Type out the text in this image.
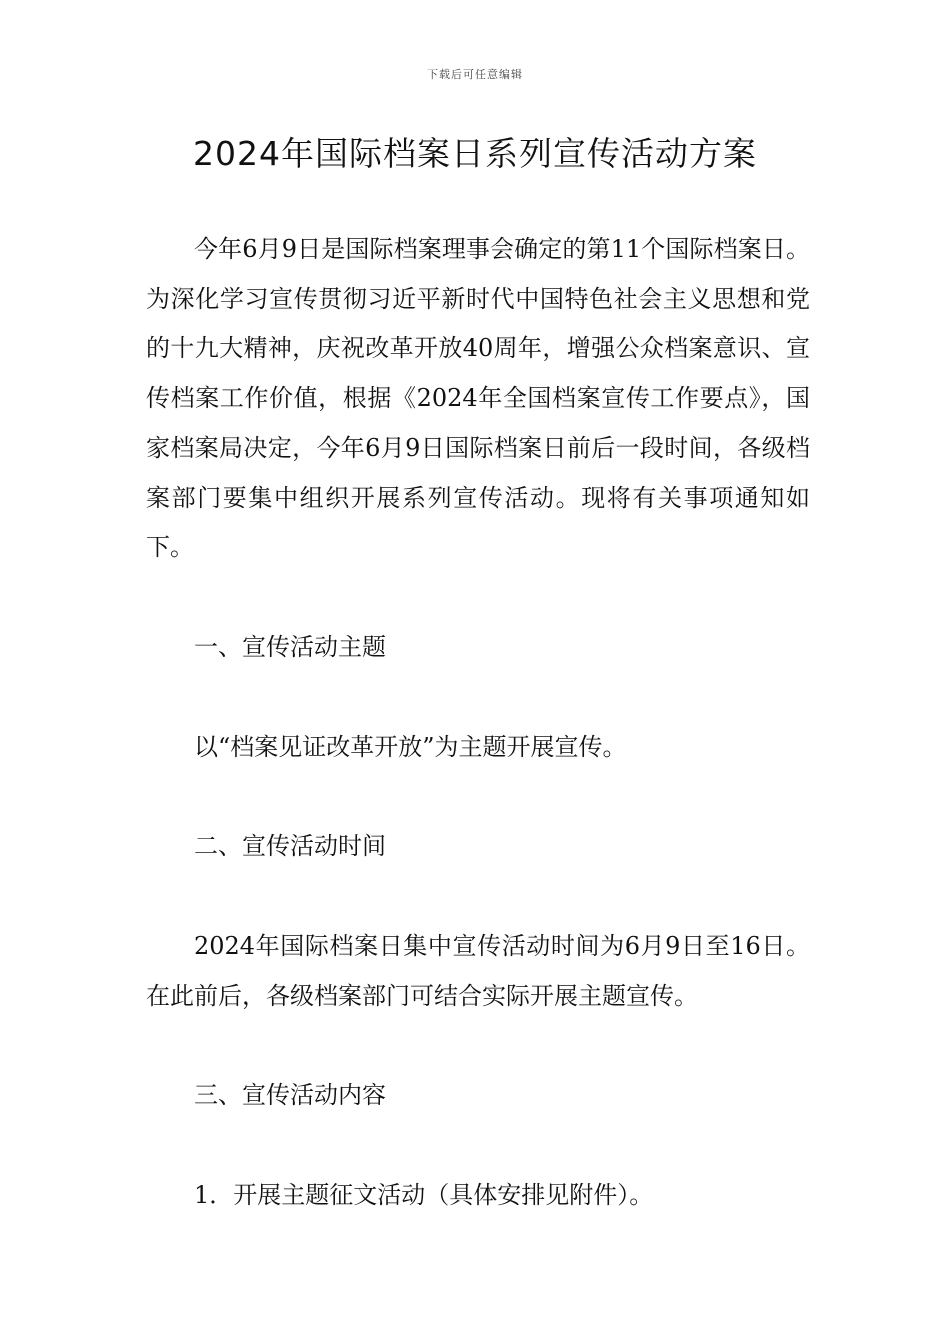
下载后可任意编辑
2024年国际档案日系列宣传活动方案

今年6月9日是国际档案理事会确定的第11个国际档案日。为深化学习宣传贯彻习近平新时代中国特色社会主义思想和党的十九大精神，庆祝改革开放40周年，增强公众档案意识、宣传档案工作价值，根据《2024年全国档案宣传工作要点》，国家档案局决定，今年6月9日国际档案日前后一段时间，各级档案部门要集中组织开展系列宣传活动。现将有关事项通知如下。

一、宣传活动主题

以“档案见证改革开放”为主题开展宣传。

二、宣传活动时间

2024年国际档案日集中宣传活动时间为6月9日至16日。在此前后，各级档案部门可结合实际开展主题宣传。

三、宣传活动内容

1．开展主题征文活动（具体安排见附件）。
